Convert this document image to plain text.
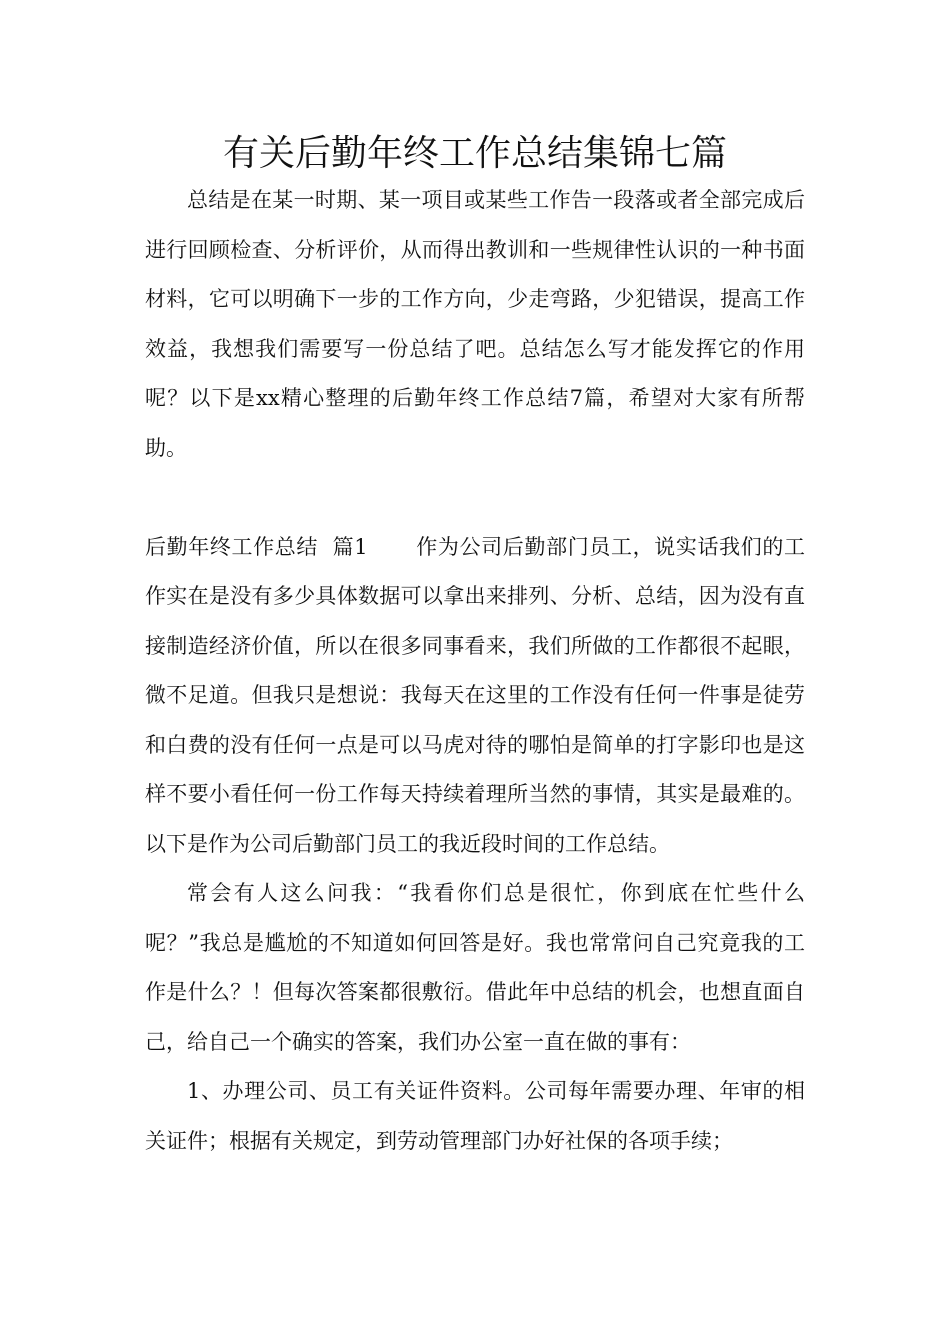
有关后勤年终工作总结集锦七篇

总结是在某一时期、某一项目或某些工作告一段落或者全部完成后进行回顾检查、分析评价，从而得出教训和一些规律性认识的一种书面材料，它可以明确下一步的工作方向，少走弯路，少犯错误，提高工作效益，我想我们需要写一份总结了吧。总结怎么写才能发挥它的作用呢？以下是xx精心整理的后勤年终工作总结7篇，希望对大家有所帮助。

后勤年终工作总结  篇1 作为公司后勤部门员工，说实话我们的工作实在是没有多少具体数据可以拿出来排列、分析、总结，因为没有直接制造经济价值，所以在很多同事看来，我们所做的工作都很不起眼，微不足道。但我只是想说：我每天在这里的工作没有任何一件事是徒劳和白费的没有任何一点是可以马虎对待的哪怕是简单的打字影印也是这样不要小看任何一份工作每天持续着理所当然的事情，其实是最难的。以下是作为公司后勤部门员工的我近段时间的工作总结。

常会有人这么问我：“我看你们总是很忙，你到底在忙些什么呢？”我总是尴尬的不知道如何回答是好。我也常常问自己究竟我的工作是什么？！但每次答案都很敷衍。借此年中总结的机会，也想直面自己，给自己一个确实的答案，我们办公室一直在做的事有：

1、办理公司、员工有关证件资料。公司每年需要办理、年审的相关证件；根据有关规定，到劳动管理部门办好社保的各项手续；
